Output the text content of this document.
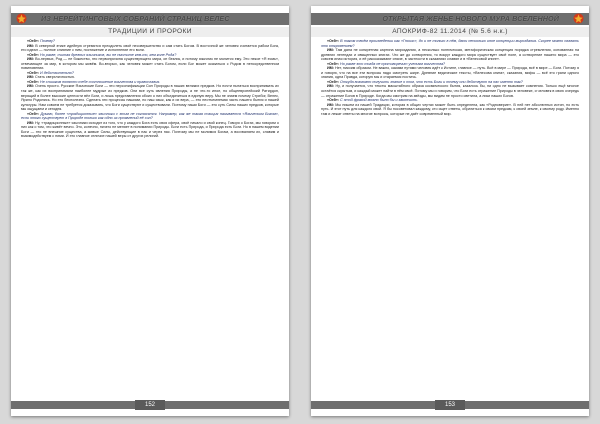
ИЗ НЕРЕЙТИНГОВЫХ СОБРАНИЙ СТРАНИЦ ВЕЛЕС
ТРАДИЦИИ И ПРОРОКИ

«Огй»: Почему?

ИМ: В северной этике идейную стремятся преодолеть своё несовершенство и сам стать Богом. В восточной же человек считается рабом Бога, его идеал — полное слияние с ним, постижение и исполнение его воли.

«Огй»: Но разве, считая древних язычников, вы не смотите кем-то, кем коле Рода?

ИМ: Во-первых, Род — не божество, это первопричина существующего мира, он безлик, и потому язычник не молится ему. Это некое «Я есмь», отвечающее за мир, в котором мы живём. Во-вторых, как человек может стать Богом, если Бог может оказаться с Родом в непосредственном повиновении.

«Огй»: И действительно?

ИМ: Стать сверхличностью.

«Огй»: Не слишком понятно тебе соотношение язычества и православия.

ИМ: Очень просто. Русские Языческие Боги — это персонификации Сил Природы в наших великих предков. Но почти пытаться воспринимать их так же, как их воспринимали наиболее мудрые из предков. Они все суть явления Природы, а не что-то иное, но общеевропейский Ратирдон, верящий в более высокие ценности вёл Боги, и лишь представления обоих о них объединиться в единую веру. Мы не знаем почему Стрибог, Велес, Ярило Родились. Но это бесполезно. Сделать эти процессы нашими, но наш язык, как и их вера, — это неотъемлемая часть нашего бытия и нашей культуры. Нам совсем не требуется доказывать, что Боги существуют и существовали. Поэтому наши Боги — это суть Силы наших предков, которые мы ощущаем и сегодня.

«Огй»: Думаю, более «традиционные» язычники с этим не согласятся. Например, как же такая позиция называется «Языческим Богом», если этого существует в Природе только как одно из проявлений её сил?

ИМ: Ну, «традиционные» язычники исходят из того, что у каждого Бога есть своя сфера, своё начало и свой конец. Говоря о Богах, мы говорим о них как о том, что живёт вечно. Это, конечно, ничего не меняет в понимании Природы. Боги есть Природа, и Природа есть Боги. Но в нашем видении Боги — это не внешние существа, а живые Силы, действующие в нас и через нас. Поэтому мы не молимся Богам, а восхваляем их, славим и взаимодействуем с ними. И это главное отличие нашей веры от других религий.

152
ОТКРЫТАЯ ЖЕНЬЕ НОВОГО МУРА ВСЕЛЕННОЙ
АПОКРИФ-82 11.2014 (№ 5.6 н.к.)

«Огй»: В таком твоём произведении как «Гнозис», до и не только в нём, даны несколько иное концепции мироздания. Скорее можно назвать это откровением?

ИМ: Там дана не конкретная картина мироздания, а несколько поэтическая, метафорическая концепция порядка стремления, основанная на древних легендах и священных книгах. Что же до сотворения, то вокруг каждого мира существует своё поле, а сотворение нашего мира — это совсем иная история, и её рассказывают иначе, в частности в сказаниях славян и в «Велесовой книге».

«Огй»: Но разве это тогда не противоречит учениям язычества?

ИМ: Нет, никоим образом. Не важно, какими путями человек идёт к Истине, главное — путь. Всё в мире — Природа, всё в мире — Боги. Потому я и говорю, что на все эти вопросы надо смотреть шире. Древние ведические тексты, «Велесова книга», сказания, мифы — всё это грани одного знания, одна Правда, которую мы и стараемся постичь.

«Огй»: Откуда возможно получить знание о том, что есть Боги и почему они действуют на нас именно так?

ИМ: Ну, и получается, что тексты масштабного образа космического бытия, казалось бы, ни одно не вызывает сомнения. Только ещё многое остаётся скрытым, и каждый может найти в нём своё. Потому мы и говорим, что Боги есть отражение Природы в человеке, и человек в свою очередь — отражение Богов в Природе. Когда мы смотрим на звёзды, мы видим не просто светила, а лики наших Богов.

«Огй»: С этой фразой можно было бы и закончить.

ИМ: Мы пишем из нашей Традиции, которая в общих чертах может быть определена, как «Родноверие». В ней нет абсолютных истин, но есть путь. И этот путь для каждого свой. Я бы посоветовал каждому, кто ищет ответы, обратиться к своим предкам, к своей земле, к своему роду. Именно там и лежат ответы на многие вопросы, которые не даёт современный мир.

153
